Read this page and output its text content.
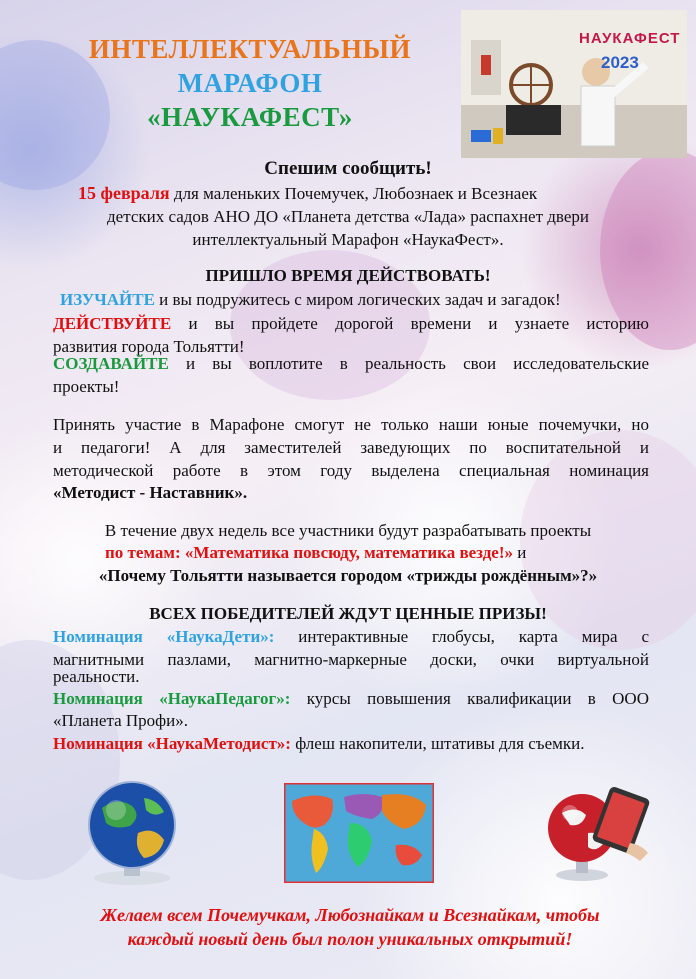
ИНТЕЛЛЕКТУАЛЬНЫЙ
МАРАФОН
«НАУКАФЕСТ»
НАУКАФЕСТ
2023
Спешим сообщить!
15 февраля для маленьких Почемучек, Любознаек и Всезнаек
детских садов АНО ДО «Планета детства «Лада» распахнет двери
интеллектуальный Марафон «НаукаФест».
ПРИШЛО ВРЕМЯ ДЕЙСТВОВАТЬ!
ИЗУЧАЙТЕ и вы подружитесь с миром логических задач и загадок!
ДЕЙСТВУЙТЕ и вы пройдете дорогой времени и узнаете историю
развития города Тольятти!
СОЗДАВАЙТЕ и вы воплотите в реальность свои исследовательские
проекты!
Принять участие в Марафоне смогут не только наши юные почемучки, но
и педагоги! А для заместителей заведующих по воспитательной и
методической работе в этом году выделена специальная номинация
«Методист - Наставник».
В течение двух недель все участники будут разрабатывать проекты
по темам: «Математика повсюду, математика везде!» и
«Почему Тольятти называется городом «трижды рождённым»?»
ВСЕХ ПОБЕДИТЕЛЕЙ ЖДУТ ЦЕННЫЕ ПРИЗЫ!
Номинация «НаукаДети»: интерактивные глобусы, карта мира с
магнитными пазлами, магнитно-маркерные доски, очки виртуальной
реальности.
Номинация «НаукаПедагог»: курсы повышения квалификации в ООО
«Планета Профи».
Номинация «НаукаМетодист»: флеш накопители, штативы для съемки.
Желаем всем Почемучкам, Любознайкам и Всезнайкам, чтобы
каждый новый день был полон уникальных открытий!
